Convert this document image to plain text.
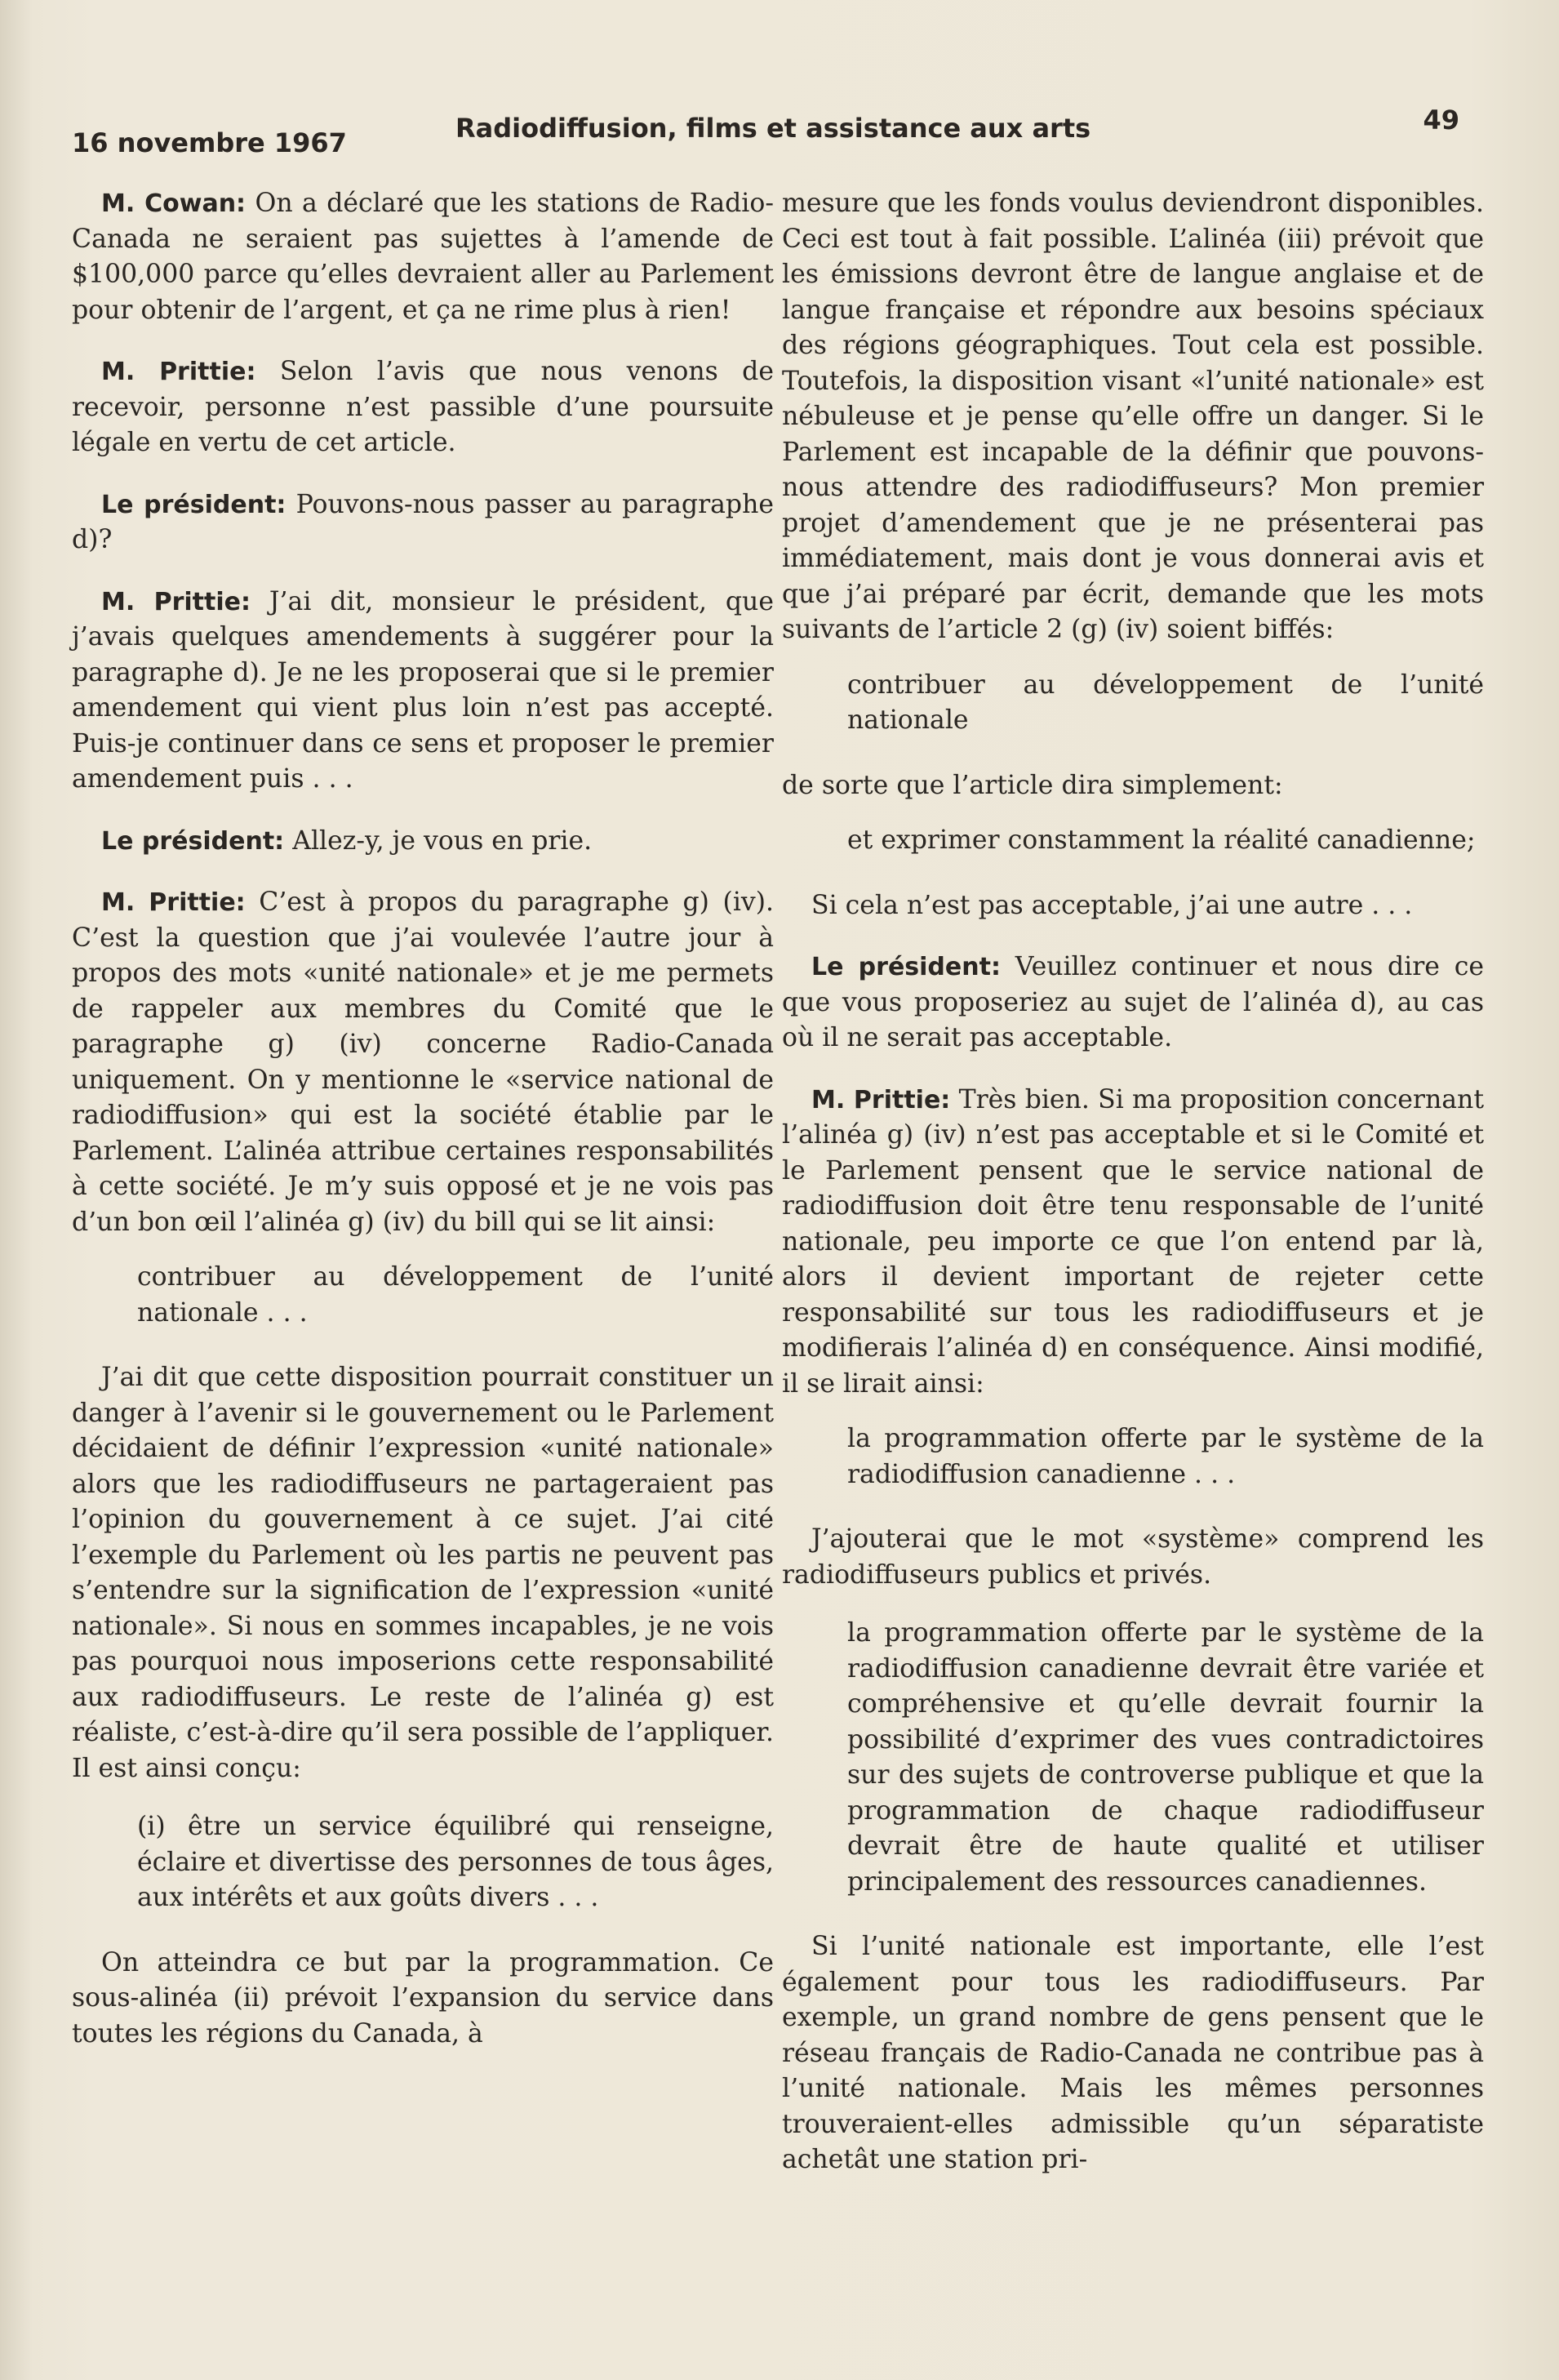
16 novembre 1967	Radiodiffusion, films et assistance aux arts	49

M. Cowan: On a déclaré que les stations de Radio-Canada ne seraient pas sujettes à l’amende de $100,000 parce qu’elles devraient aller au Parlement pour obtenir de l’argent, et ça ne rime plus à rien!

M. Prittie: Selon l’avis que nous venons de recevoir, personne n’est passible d’une poursuite légale en vertu de cet article.

Le président: Pouvons-nous passer au paragraphe d)?

M. Prittie: J’ai dit, monsieur le président, que j’avais quelques amendements à suggérer pour la paragraphe d). Je ne les proposerai que si le premier amendement qui vient plus loin n’est pas accepté. Puis-je continuer dans ce sens et proposer le premier amendement puis . . .

Le président: Allez-y, je vous en prie.

M. Prittie: C’est à propos du paragraphe g) (iv). C’est la question que j’ai voulevée l’autre jour à propos des mots «unité nationale» et je me permets de rappeler aux membres du Comité que le paragraphe g) (iv) concerne Radio-Canada uniquement. On y mentionne le «service national de radiodiffusion» qui est la société établie par le Parlement. L’alinéa attribue certaines responsabilités à cette société. Je m’y suis opposé et je ne vois pas d’un bon œil l’alinéa g) (iv) du bill qui se lit ainsi:

contribuer au développement de l’unité nationale . . .

J’ai dit que cette disposition pourrait constituer un danger à l’avenir si le gouvernement ou le Parlement décidaient de définir l’expression «unité nationale» alors que les radiodiffuseurs ne partageraient pas l’opinion du gouvernement à ce sujet. J’ai cité l’exemple du Parlement où les partis ne peuvent pas s’entendre sur la signification de l’expression «unité nationale». Si nous en sommes incapables, je ne vois pas pourquoi nous imposerions cette responsabilité aux radiodiffuseurs. Le reste de l’alinéa g) est réaliste, c’est-à-dire qu’il sera possible de l’appliquer. Il est ainsi conçu:

(i) être un service équilibré qui renseigne, éclaire et divertisse des personnes de tous âges, aux intérêts et aux goûts divers . . .

On atteindra ce but par la programmation. Ce sous-alinéa (ii) prévoit l’expansion du service dans toutes les régions du Canada, à

mesure que les fonds voulus deviendront disponibles. Ceci est tout à fait possible. L’alinéa (iii) prévoit que les émissions devront être de langue anglaise et de langue française et répondre aux besoins spéciaux des régions géographiques. Tout cela est possible. Toutefois, la disposition visant «l’unité nationale» est nébuleuse et je pense qu’elle offre un danger. Si le Parlement est incapable de la définir que pouvons-nous attendre des radiodiffuseurs? Mon premier projet d’amendement que je ne présenterai pas immédiatement, mais dont je vous donnerai avis et que j’ai préparé par écrit, demande que les mots suivants de l’article 2 (g) (iv) soient biffés:

contribuer au développement de l’unité nationale

de sorte que l’article dira simplement:

et exprimer constamment la réalité canadienne;

Si cela n’est pas acceptable, j’ai une autre . . .

Le président: Veuillez continuer et nous dire ce que vous proposeriez au sujet de l’alinéa d), au cas où il ne serait pas acceptable.

M. Prittie: Très bien. Si ma proposition concernant l’alinéa g) (iv) n’est pas acceptable et si le Comité et le Parlement pensent que le service national de radiodiffusion doit être tenu responsable de l’unité nationale, peu importe ce que l’on entend par là, alors il devient important de rejeter cette responsabilité sur tous les radiodiffuseurs et je modifierais l’alinéa d) en conséquence. Ainsi modifié, il se lirait ainsi:

la programmation offerte par le système de la radiodiffusion canadienne . . .

J’ajouterai que le mot «système» comprend les radiodiffuseurs publics et privés.

la programmation offerte par le système de la radiodiffusion canadienne devrait être variée et compréhensive et qu’elle devrait fournir la possibilité d’exprimer des vues contradictoires sur des sujets de controverse publique et que la programmation de chaque radiodiffuseur devrait être de haute qualité et utiliser principalement des ressources canadiennes.

Si l’unité nationale est importante, elle l’est également pour tous les radiodiffuseurs. Par exemple, un grand nombre de gens pensent que le réseau français de Radio-Canada ne contribue pas à l’unité nationale. Mais les mêmes personnes trouveraient-elles admissible qu’un séparatiste achetât une station pri-
